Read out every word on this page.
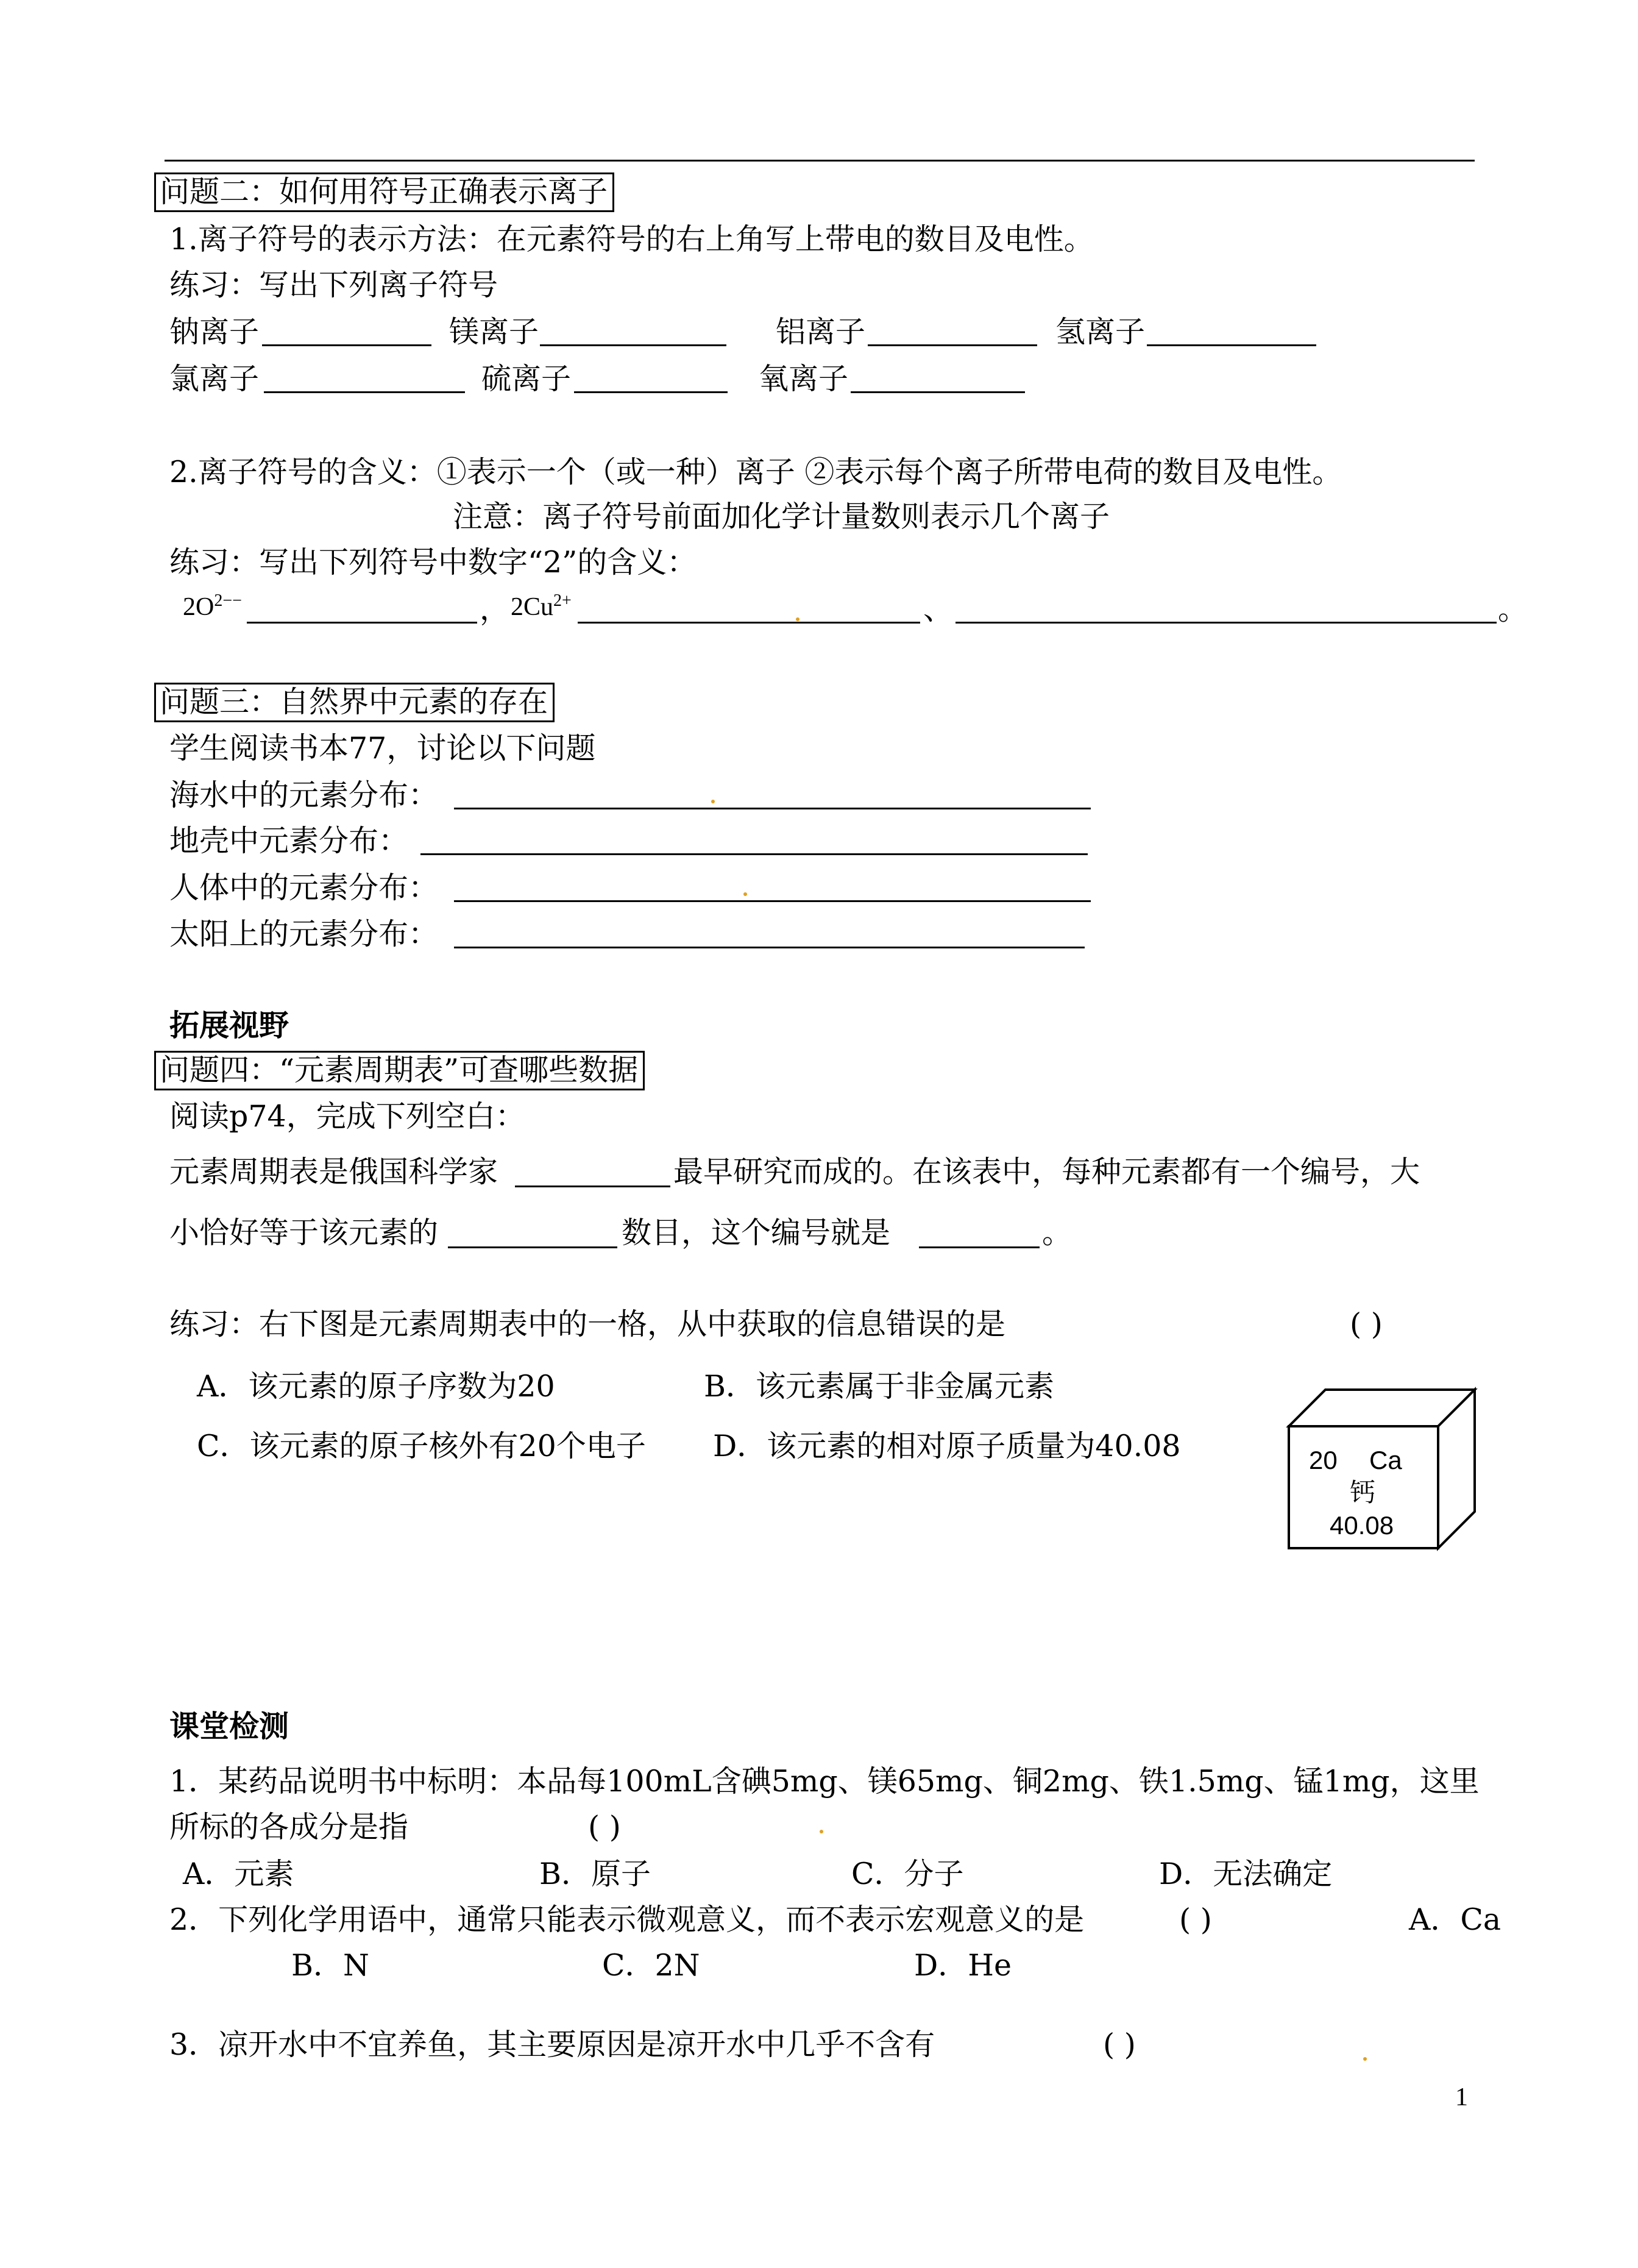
问题二：如何用符号正确表示离子
1.离子符号的表示方法：在元素符号的右上角写上带电的数目及电性。
练习：写出下列离子符号
钠离子	镁离子	铝离子	氢离子
氯离子	硫离子	氧离子
2.离子符号的含义：①表示一个（或一种）离子 ②表示每个离子所带电荷的数目及电性。
注意：离子符号前面加化学计量数则表示几个离子
练习：写出下列符号中数字“2”的含义：
$2O^{2--}$	， $2Cu^{2+}$	、	。
问题三：自然界中元素的存在
学生阅读书本77，讨论以下问题
海水中的元素分布：
地壳中元素分布：
人体中的元素分布：
太阳上的元素分布：
拓展视野
问题四：“元素周期表”可查哪些数据
阅读p74，完成下列空白：
元素周期表是俄国科学家	最早研究而成的。在该表中，每种元素都有一个编号，大
小恰好等于该元素的	数目，这个编号就是	。
练习：右下图是元素周期表中的一格，从中获取的信息错误的是	( )
A．该元素的原子序数为20	B．该元素属于非金属元素
C．该元素的原子核外有20个电子 D．该元素的相对原子质量为40.08	20 Ca
钙
40.08
课堂检测
1．某药品说明书中标明：本品每100mL含碘5mg、镁65mg、铜2mg、铁1.5mg、锰1mg，这里
所标的各成分是指	( )
A．元素	B．原子	C．分子	D．无法确定
2．下列化学用语中，通常只能表示微观意义，而不表示宏观意义的是	( )	A．Ca
B．N	C．2N	D．He
3．凉开水中不宜养鱼，其主要原因是凉开水中几乎不含有	( )
1
